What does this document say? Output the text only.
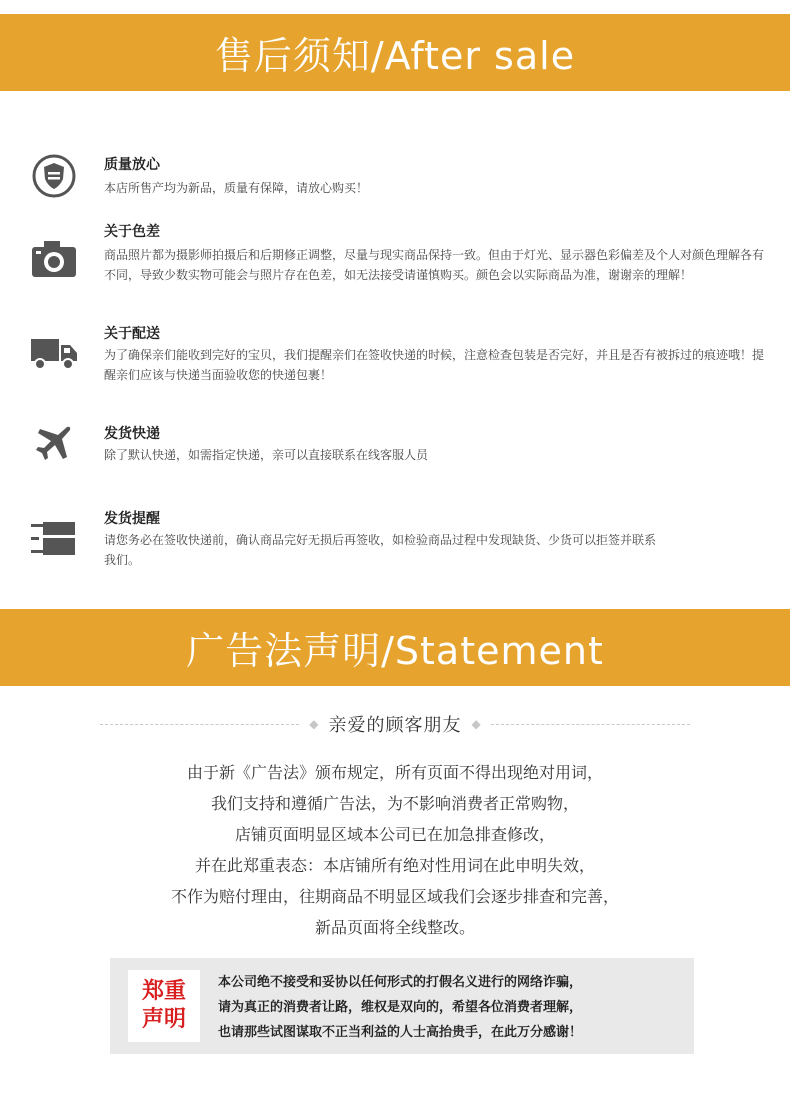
售后须知/After sale
质量放心
本店所售产均为新品，质量有保障，请放心购买！
关于色差
商品照片都为摄影师拍摄后和后期修正调整，尽量与现实商品保持一致。但由于灯光、显示器色彩偏差及个人对颜色理解各有不同，导致少数实物可能会与照片存在色差，如无法接受请谨慎购买。颜色会以实际商品为准，谢谢亲的理解！
关于配送
为了确保亲们能收到完好的宝贝，我们提醒亲们在签收快递的时候，注意检查包装是否完好，并且是否有被拆过的痕迹哦！提醒亲们应该与快递当面验收您的快递包裹！
发货快递
除了默认快递，如需指定快递，亲可以直接联系在线客服人员
发货提醒
请您务必在签收快递前，确认商品完好无损后再签收，如检验商品过程中发现缺货、少货可以拒签并联系我们。
广告法声明/Statement
◆ 亲爱的顾客朋友 ◆
由于新《广告法》颁布规定，所有页面不得出现绝对用词，
我们支持和遵循广告法，为不影响消费者正常购物，
店铺页面明显区域本公司已在加急排查修改，
并在此郑重表态：本店铺所有绝对性用词在此申明失效，
不作为赔付理由，往期商品不明显区域我们会逐步排查和完善，
新品页面将全线整改。
郑重
声明
本公司绝不接受和妥协以任何形式的打假名义进行的网络诈骗，
请为真正的消费者让路，维权是双向的，希望各位消费者理解，
也请那些试图谋取不正当利益的人士高抬贵手，在此万分感谢！
